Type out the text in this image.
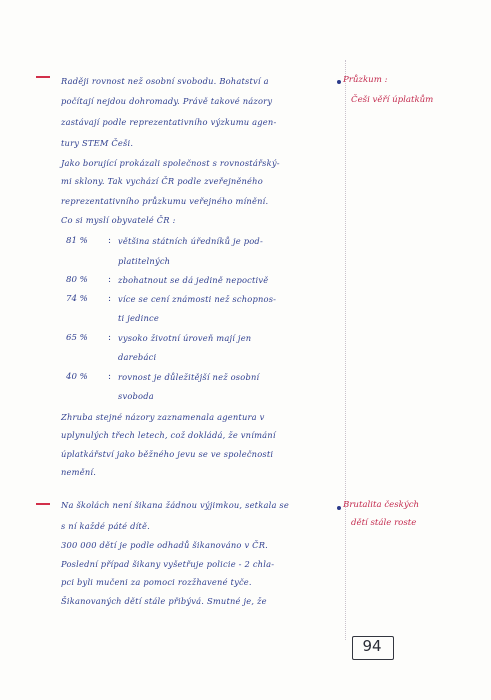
Průzkum :
Češi věří úplatkům
Raději rovnost než osobní svobodu. Bohatství a
počítají nejdou dohromady. Právě takové názory
zastávají podle reprezentativního výzkumu agen-
tury STEM Češi.
Jako borující prokázali společnost s rovnostářský-
mi sklony. Tak vychází ČR podle zveřejněného
reprezentativního průzkumu veřejného mínění.
Co si myslí obyvatelé ČR :
81 % : většina státních úředníků je pod-
platitelných
80 % : zbohatnout se dá jedině nepoctivě
74 % : více se cení známosti než schopnos-
ti jedince
65 % : vysoko životní úroveň mají jen
darebáci
40 % : rovnost je důležitější než osobní
svoboda
Zhruba stejné názory zaznamenala agentura v
uplynulých třech letech, což dokládá, že vnímání
úplatkářství jako běžného jevu se ve společnosti
nemění.
Brutalita českých
dětí stále roste
Na školách není šikana žádnou výjimkou, setkala se
s ní každé páté dítě.
300 000 dětí je podle odhadů šikanováno v ČR.
Poslední případ šikany vyšetřuje policie - 2 chla-
pci byli mučeni za pomoci rozžhavené tyče.
Šikanovaných dětí stále přibývá. Smutné je, že
94
